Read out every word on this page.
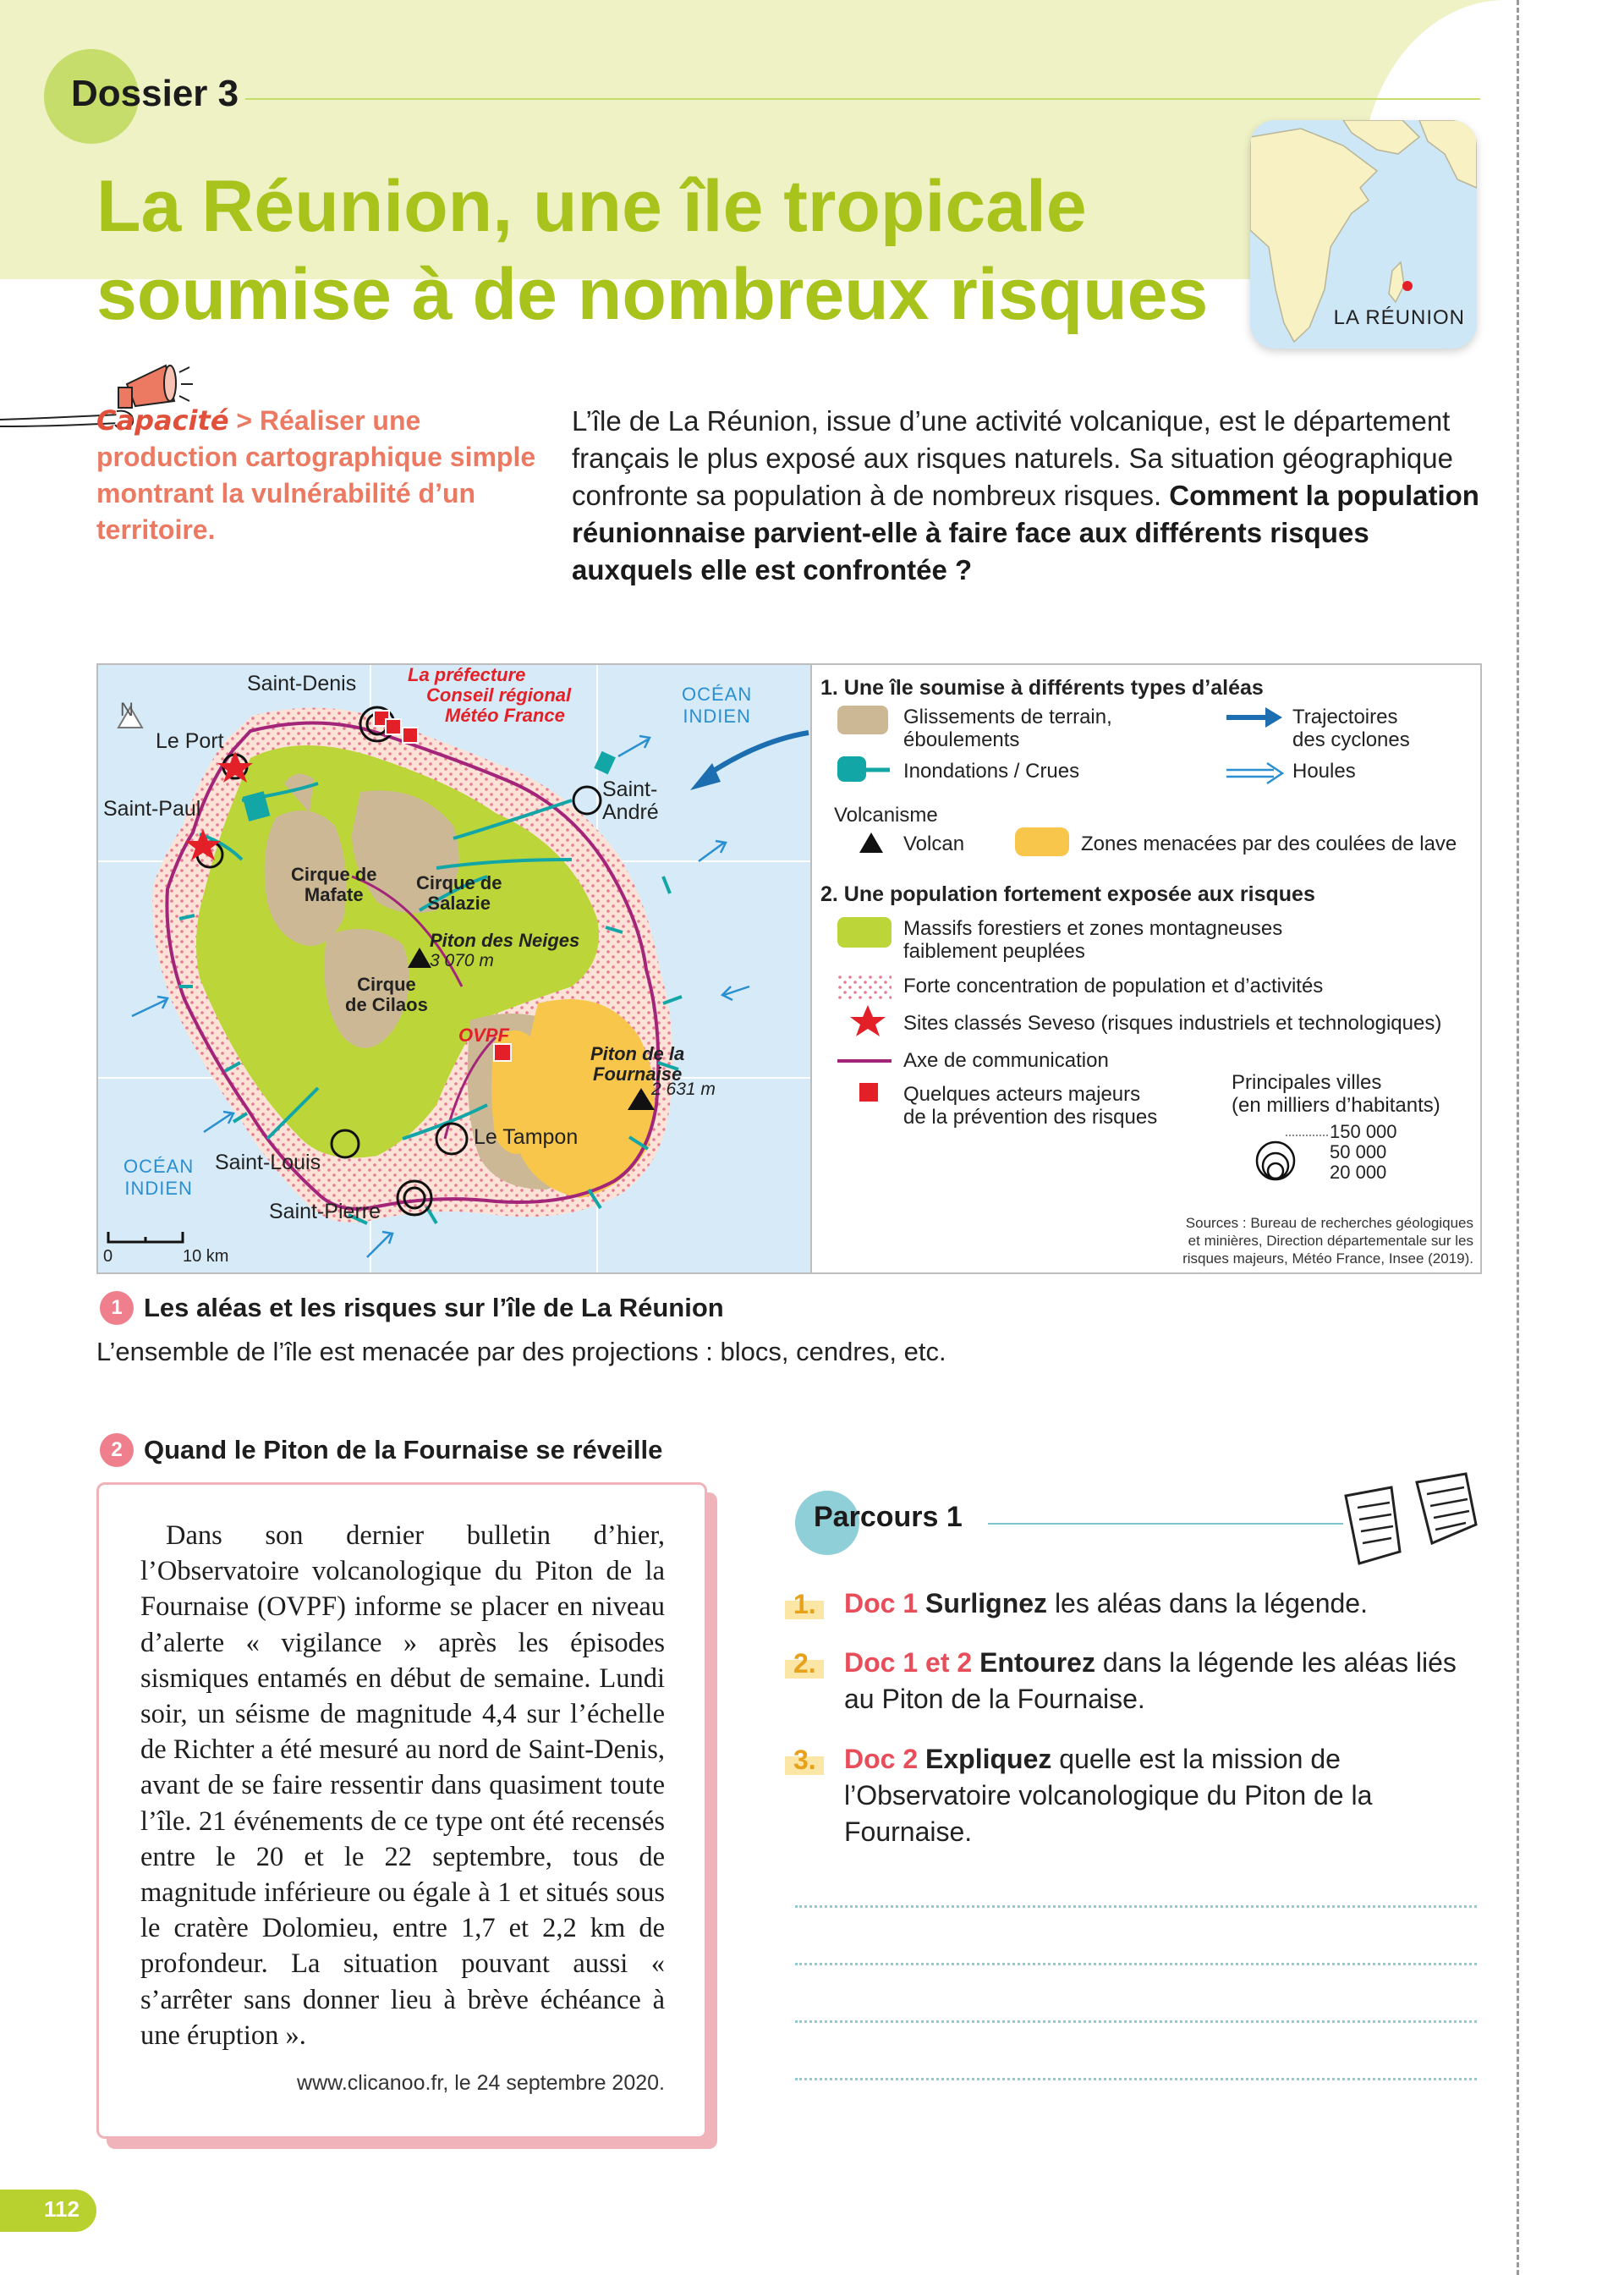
Dossier 3
La Réunion, une île tropicale
soumise à de nombreux risques	LA RÉUNION
Capacité > Réaliser une production cartographique simple montrant la vulnérabilité d’un territoire.
L’île de La Réunion, issue d’une activité volcanique, est le département français le plus exposé aux risques naturels. Sa situation géographique confronte sa population à de nombreux risques. Comment la population réunionnaise parvient-elle à faire face aux différents risques auxquels elle est confrontée ?
N
Saint-Denis
Le Port
Saint-Paul
Saint-
André
Saint-Louis
Saint-Pierre
Le Tampon
Cirque de
Mafate
Cirque de
Salazie
Cirque
de Cilaos
Piton des Neiges
3 070 m
Piton de la
Fournaise
2 631 m
La préfecture
Conseil régional
Météo France
OVPF
OCÉAN
INDIEN
OCÉAN
INDIEN
0	10 km
1. Une île soumise à différents types d’aléas
Glissements de terrain,
éboulements
Trajectoires
des cyclones
Inondations / Crues	Houles
Volcanisme
Volcan	Zones menacées par des coulées de lave
2. Une population fortement exposée aux risques
Massifs forestiers et zones montagneuses
faiblement peuplées
Forte concentration de population et d’activités
Sites classés Seveso (risques industriels et technologiques)
Axe de communication
Quelques acteurs majeurs
de la prévention des risques
Principales villes
(en milliers d’habitants)
150 000
50 000
20 000
Sources : Bureau de recherches géologiques
et minières, Direction départementale sur les
risques majeurs, Météo France, Insee (2019).
1 Les aléas et les risques sur l’île de La Réunion
L’ensemble de l’île est menacée par des projections : blocs, cendres, etc.
2 Quand le Piton de la Fournaise se réveille
Dans son dernier bulletin d’hier, l’Observatoire volcanologique du Piton de la Fournaise (OVPF) informe se placer en niveau d’alerte « vigilance » après les épisodes sismiques entamés en début de semaine. Lundi soir, un séisme de magnitude 4,4 sur l’échelle de Richter a été mesuré au nord de Saint-Denis, avant de se faire ressentir dans quasiment toute l’île. 21 événements de ce type ont été recensés entre le 20 et le 22 septembre, tous de magnitude inférieure ou égale à 1 et situés sous le cratère Dolomieu, entre 1,7 et 2,2 km de profondeur. La situation pouvant aussi « s’arrêter sans donner lieu à brève échéance à une éruption ».
www.clicanoo.fr, le 24 septembre 2020.
Parcours 1
1. Doc 1 Surlignez les aléas dans la légende.
2. Doc 1 et 2 Entourez dans la légende les aléas liés au Piton de la Fournaise.
3. Doc 2 Expliquez quelle est la mission de l’Observatoire volcanologique du Piton de la Fournaise.
112
